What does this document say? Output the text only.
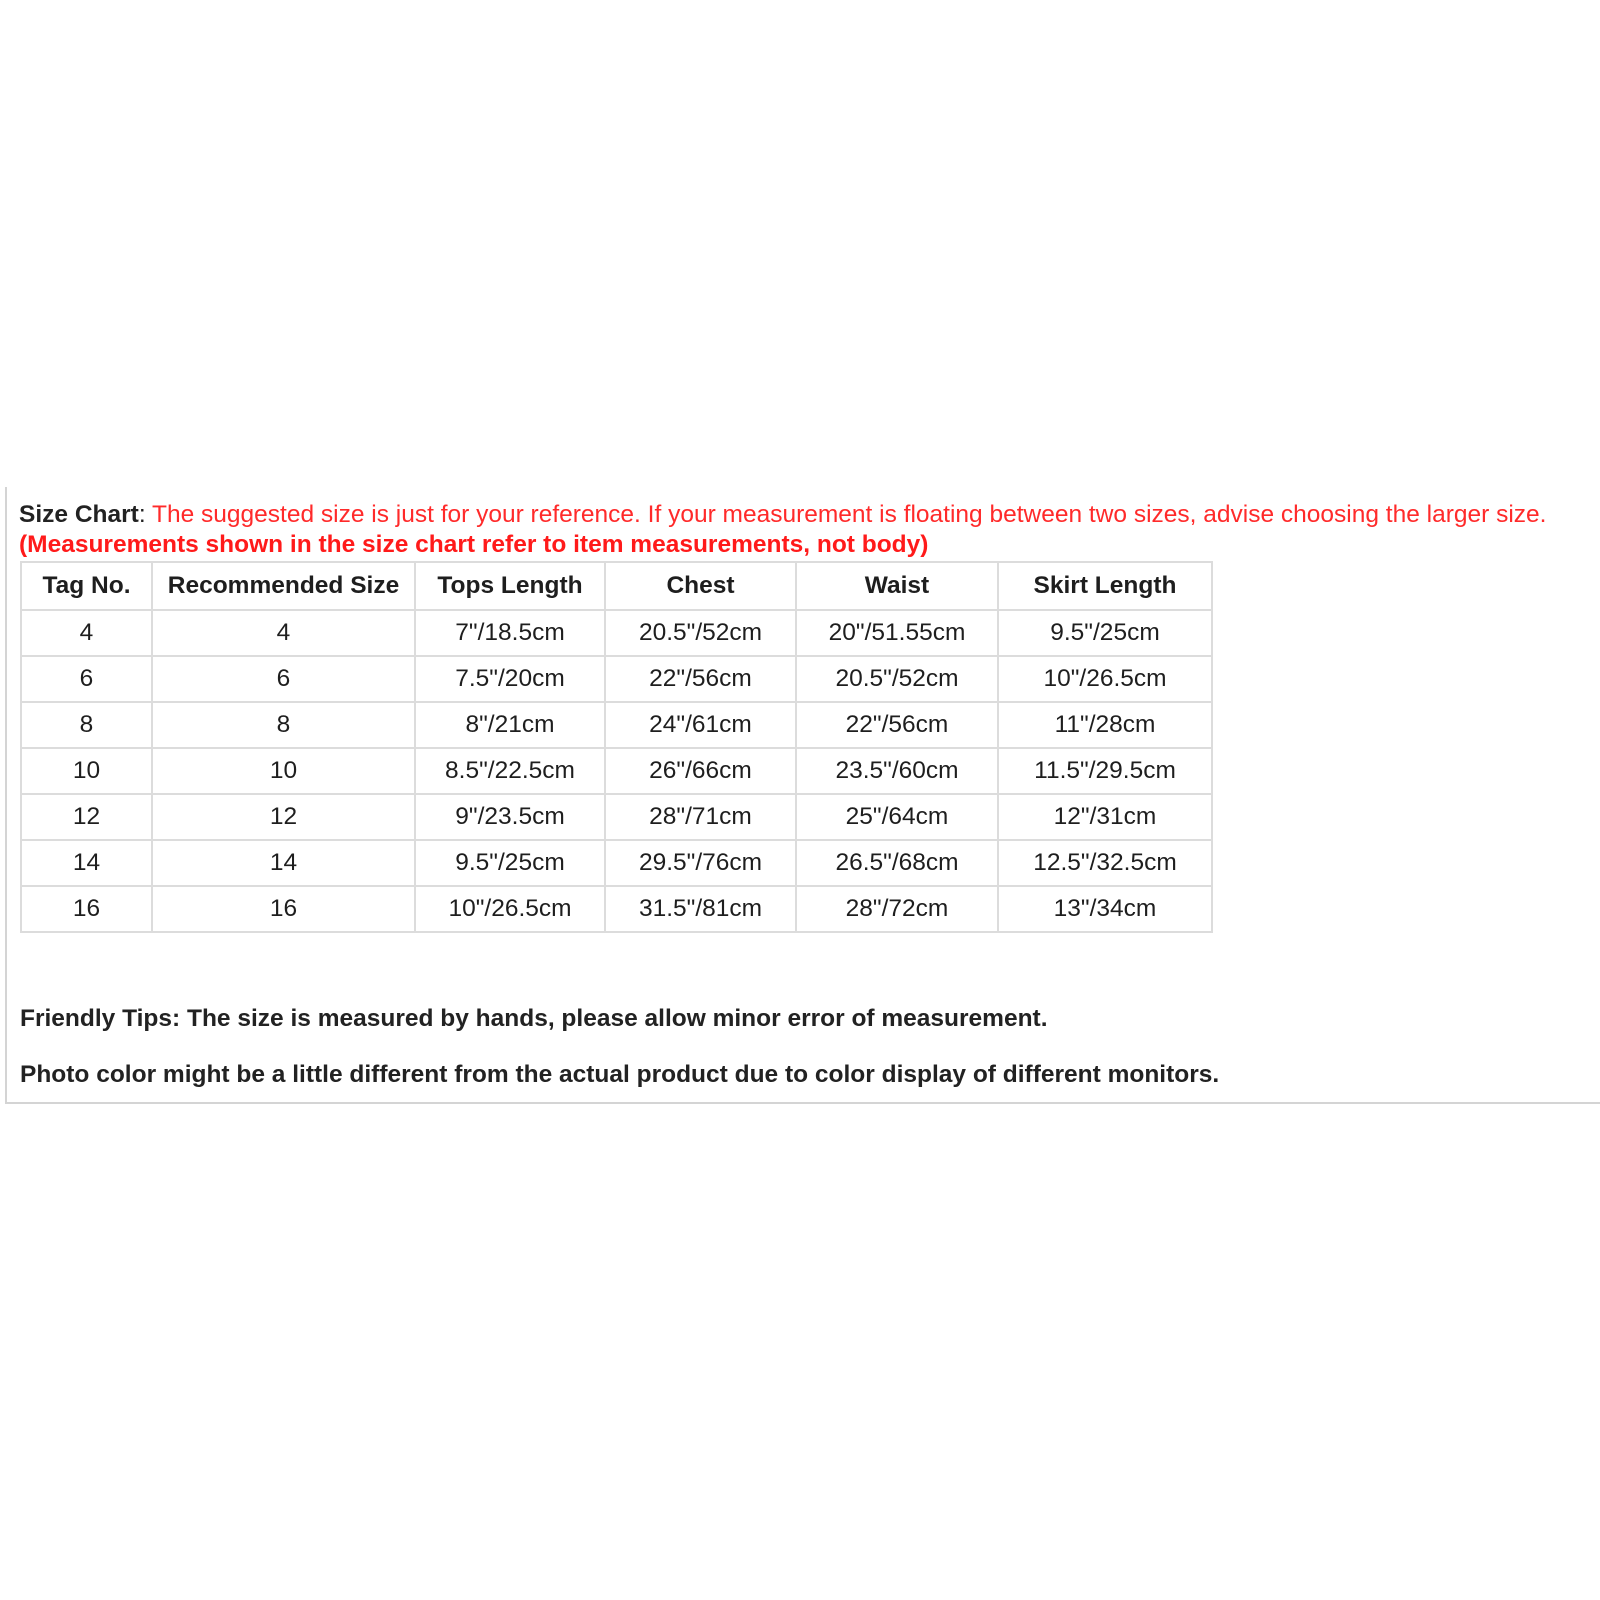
Size Chart: The suggested size is just for your reference. If your measurement is floating between two sizes, advise choosing the larger size. (Measurements shown in the size chart refer to item measurements, not body)
Tag No.	Recommended Size	Tops Length	Chest	Waist	Skirt Length
4	4	7"/18.5cm	20.5"/52cm	20"/51.55cm	9.5"/25cm
6	6	7.5"/20cm	22"/56cm	20.5"/52cm	10"/26.5cm
8	8	8"/21cm	24"/61cm	22"/56cm	11"/28cm
10	10	8.5"/22.5cm	26"/66cm	23.5"/60cm	11.5"/29.5cm
12	12	9"/23.5cm	28"/71cm	25"/64cm	12"/31cm
14	14	9.5"/25cm	29.5"/76cm	26.5"/68cm	12.5"/32.5cm
16	16	10"/26.5cm	31.5"/81cm	28"/72cm	13"/34cm
Friendly Tips: The size is measured by hands, please allow minor error of measurement.
Photo color might be a little different from the actual product due to color display of different monitors.
